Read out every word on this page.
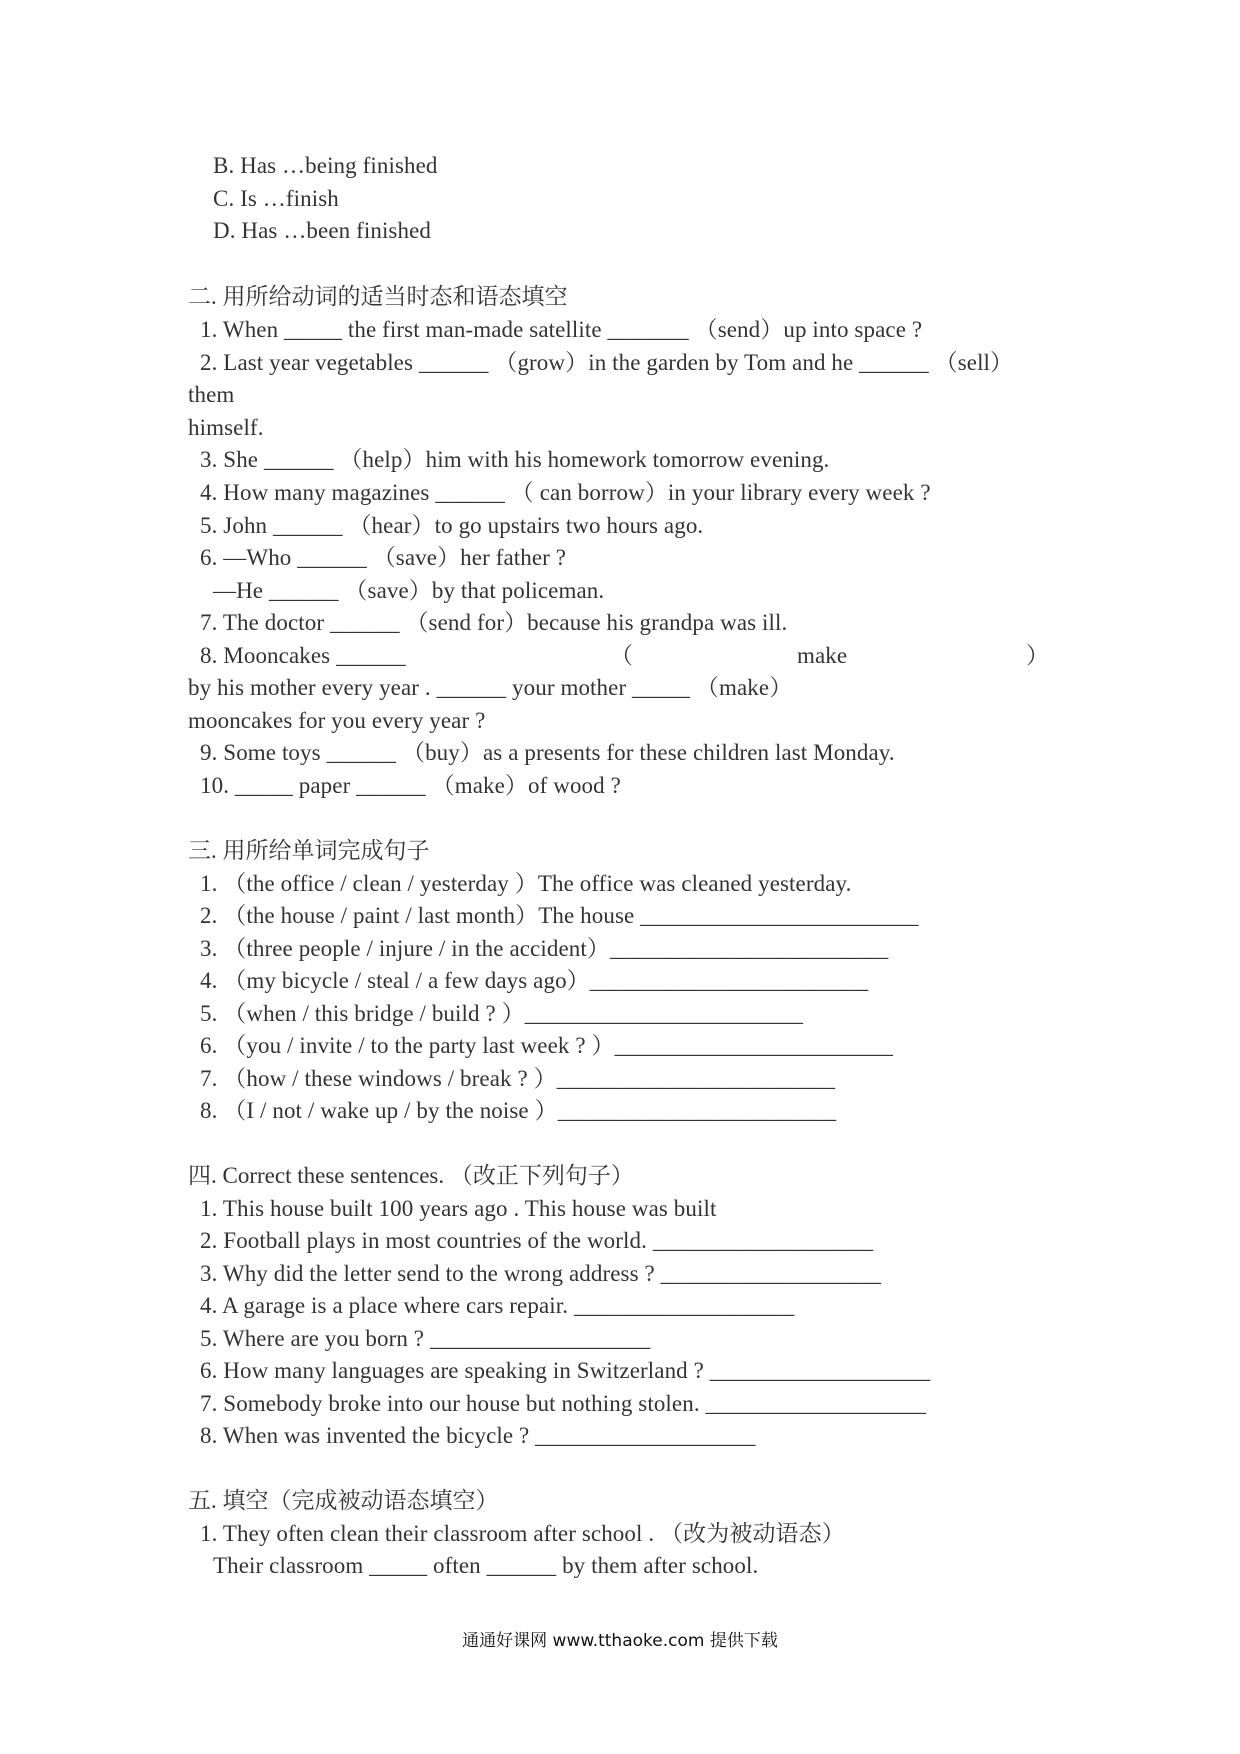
B. Has …being finished
C. Is …finish
D. Has …been finished
二. 用所给动词的适当时态和语态填空
1. When _____ the first man-made satellite _______ （send）up into space ?
2. Last year vegetables ______ （grow）in the garden by Tom and he ______ （sell）
them
himself.
3. She ______ （help）him with his homework tomorrow evening.
4. How many magazines ______ （ can borrow）in your library every week ?
5. John ______ （hear）to go upstairs two hours ago.
6. —Who ______ （save）her father ?
—He ______ （save）by that policeman.
7. The doctor ______ （send for）because his grandpa was ill.
8. Mooncakes ______	（	make	）
by his mother every year . ______ your mother _____ （make）
mooncakes for you every year ?
9. Some toys ______ （buy）as a presents for these children last Monday.
10. _____ paper ______ （make）of wood ?
三. 用所给单词完成句子
1. （the office / clean / yesterday ）The office was cleaned yesterday.
2. （the house / paint / last month）The house ________________________
3. （three people / injure / in the accident）________________________
4. （my bicycle / steal / a few days ago）________________________
5. （when / this bridge / build ? ）________________________
6. （you / invite / to the party last week ? ）________________________
7. （how / these windows / break ? ）________________________
8. （I / not / wake up / by the noise ）________________________
四. Correct these sentences. （改正下列句子）
1. This house built 100 years ago . This house was built
2. Football plays in most countries of the world. ___________________
3. Why did the letter send to the wrong address ? ___________________
4. A garage is a place where cars repair. ___________________
5. Where are you born ? ___________________
6. How many languages are speaking in Switzerland ? ___________________
7. Somebody broke into our house but nothing stolen. ___________________
8. When was invented the bicycle ? ___________________
五. 填空（完成被动语态填空）
1. They often clean their classroom after school . （改为被动语态）
Their classroom _____ often ______ by them after school.
通通好课网 www.tthaoke.com 提供下载
